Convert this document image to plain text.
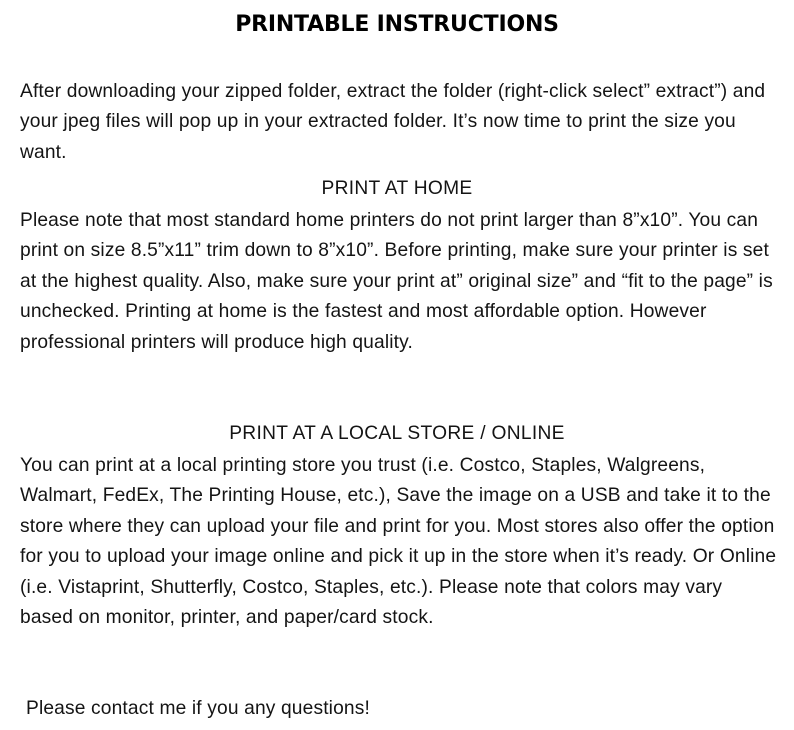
PRINTABLE INSTRUCTIONS
After downloading your zipped folder, extract the folder (right-click select” extract”) and your jpeg files will pop up in your extracted folder. It’s now time to print the size you want.
PRINT AT HOME
Please note that most standard home printers do not print larger than 8”x10”. You can print on size 8.5”x11” trim down to 8”x10”. Before printing, make sure your printer is set at the highest quality. Also, make sure your print at” original size” and “fit to the page” is unchecked. Printing at home is the fastest and most affordable option. However professional printers will produce high quality.
PRINT AT A LOCAL STORE / ONLINE
You can print at a local printing store you trust (i.e. Costco, Staples, Walgreens, Walmart, FedEx, The Printing House, etc.), Save the image on a USB and take it to the store where they can upload your file and print for you. Most stores also offer the option for you to upload your image online and pick it up in the store when it’s ready. Or Online (i.e. Vistaprint, Shutterfly, Costco, Staples, etc.). Please note that colors may vary based on monitor, printer, and paper/card stock.
Please contact me if you any questions!
